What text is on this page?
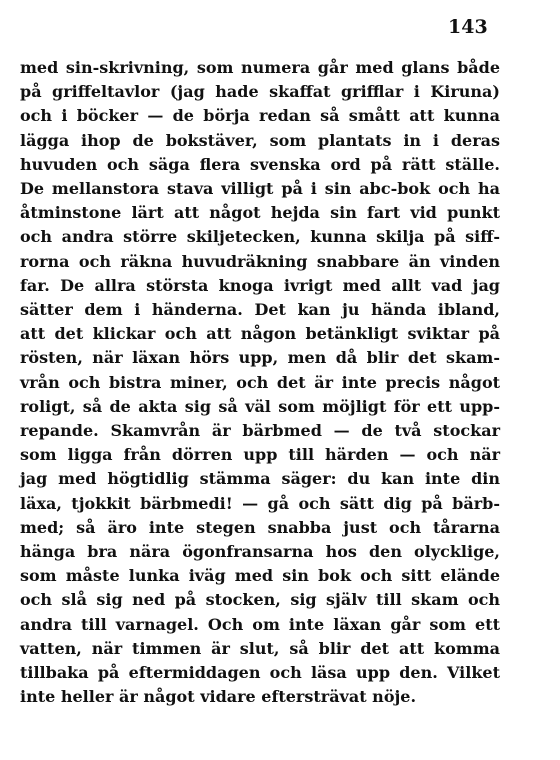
143
med sin-skrivning, som numera går med glans både
på griffeltavlor (jag hade skaffat grifflar i Kiruna)
och i böcker — de börja redan så smått att kunna
lägga ihop de bokstäver, som plantats in i deras
huvuden och säga flera svenska ord på rätt ställe.
De mellanstora stava villigt på i sin abc-bok och ha
åtminstone lärt att något hejda sin fart vid punkt
och andra större skiljetecken, kunna skilja på siff-
rorna och räkna huvudräkning snabbare än vinden
far. De allra största knoga ivrigt med allt vad jag
sätter dem i händerna. Det kan ju hända ibland,
att det klickar och att någon betänkligt sviktar på
rösten, när läxan hörs upp, men då blir det skam-
vrån och bistra miner, och det är inte precis något
roligt, så de akta sig så väl som möjligt för ett upp-
repande. Skamvrån är bärbmed — de två stockar
som ligga från dörren upp till härden — och när
jag med högtidlig stämma säger: du kan inte din
läxa, tjokkit bärbmedi! — gå och sätt dig på bärb-
med; så äro inte stegen snabba just och tårarna
hänga bra nära ögonfransarna hos den olycklige,
som måste lunka iväg med sin bok och sitt elände
och slå sig ned på stocken, sig själv till skam och
andra till varnagel. Och om inte läxan går som ett
vatten, när timmen är slut, så blir det att komma
tillbaka på eftermiddagen och läsa upp den. Vilket
inte heller är något vidare eftersträvat nöje.
